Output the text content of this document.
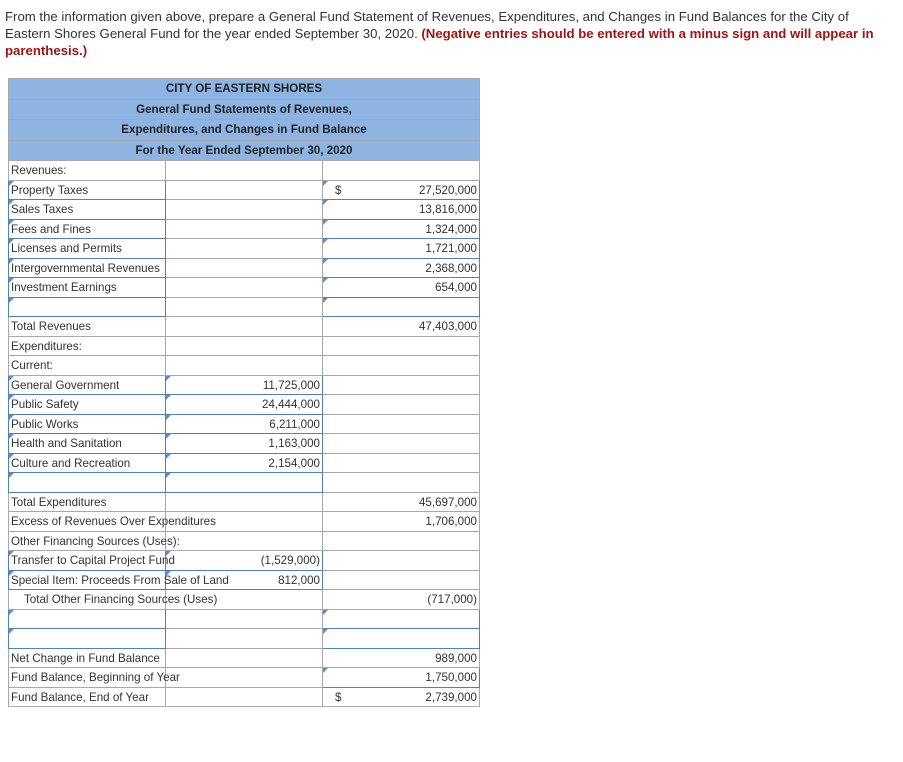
From the information given above, prepare a General Fund Statement of Revenues, Expenditures, and Changes in Fund Balances for the City of Eastern Shores General Fund for the year ended September 30, 2020. (Negative entries should be entered with a minus sign and will appear in parenthesis.)
CITY OF EASTERN SHORES		
General Fund Statements of Revenues,		
Expenditures, and Changes in Fund Balance		
For the Year Ended September 30, 2020		
Revenues:		
Property Taxes		$ 27,520,000
Sales Taxes		13,816,000
Fees and Fines		1,324,000
Licenses and Permits		1,721,000
Intergovernmental Revenues		2,368,000
Investment Earnings		654,000

Total Revenues		47,403,000
Expenditures:		
Current:		
General Government	11,725,000	
Public Safety	24,444,000	
Public Works	6,211,000	
Health and Sanitation	1,163,000	
Culture and Recreation	2,154,000	

Total Expenditures		45,697,000
Excess of Revenues Over Expenditures		1,706,000
Other Financing Sources (Uses):		
Transfer to Capital Project Fund	(1,529,000)	
Special Item: Proceeds From Sale of Land	812,000	
Total Other Financing Sources (Uses)		(717,000)

Net Change in Fund Balance		989,000
Fund Balance, Beginning of Year		1,750,000
Fund Balance, End of Year		$ 2,739,000
